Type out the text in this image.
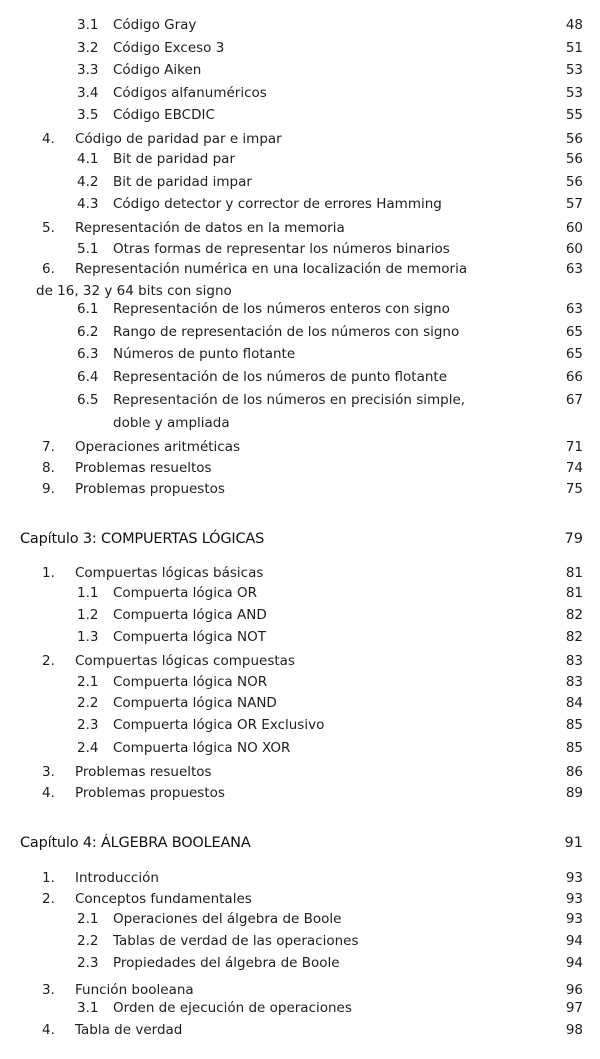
3.1 Código Gray	48
3.2 Código Exceso 3	51
3.3 Código Aiken	53
3.4 Códigos alfanuméricos	53
3.5 Código EBCDIC	55
4. Código de paridad par e impar	56
4.1 Bit de paridad par	56
4.2 Bit de paridad impar	56
4.3 Código detector y corrector de errores Hamming	57
5. Representación de datos en la memoria	60
5.1 Otras formas de representar los números binarios	60
6. Representación numérica en una localización de memoria	63
de 16, 32 y 64 bits con signo
6.1 Representación de los números enteros con signo	63
6.2 Rango de representación de los números con signo	65
6.3 Números de punto flotante	65
6.4 Representación de los números de punto flotante	66
6.5 Representación de los números en precisión simple,	67
doble y ampliada
7. Operaciones aritméticas	71
8. Problemas resueltos	74
9. Problemas propuestos	75
Capítulo 3: COMPUERTAS LÓGICAS	79
1. Compuertas lógicas básicas	81
1.1 Compuerta lógica OR	81
1.2 Compuerta lógica AND	82
1.3 Compuerta lógica NOT	82
2. Compuertas lógicas compuestas	83
2.1 Compuerta lógica NOR	83
2.2 Compuerta lógica NAND	84
2.3 Compuerta lógica OR Exclusivo	85
2.4 Compuerta lógica NO XOR	85
3. Problemas resueltos	86
4. Problemas propuestos	89
Capítulo 4: ÁLGEBRA BOOLEANA	91
1. Introducción	93
2. Conceptos fundamentales	93
2.1 Operaciones del álgebra de Boole	93
2.2 Tablas de verdad de las operaciones	94
2.3 Propiedades del álgebra de Boole	94
3. Función booleana	96
3.1 Orden de ejecución de operaciones	97
4. Tabla de verdad	98
